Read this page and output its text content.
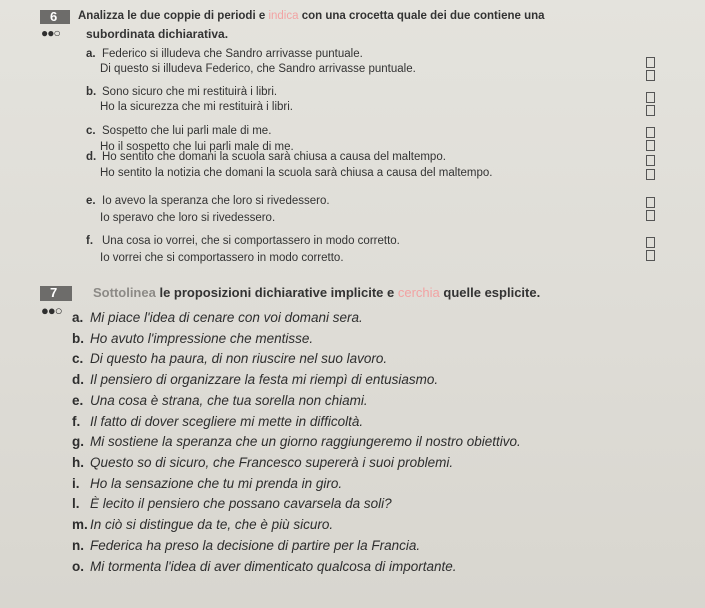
6
●●○
Analizza le due coppie di periodi e indica con una crocetta quale dei due contiene una
subordinata dichiarativa.
a. Federico si illudeva che Sandro arrivasse puntuale.
Di questo si illudeva Federico, che Sandro arrivasse puntuale.
b. Sono sicuro che mi restituirà i libri.
Ho la sicurezza che mi restituirà i libri.
c. Sospetto che lui parli male di me.
Ho il sospetto che lui parli male di me.
d. Ho sentito che domani la scuola sarà chiusa a causa del maltempo.
Ho sentito la notizia che domani la scuola sarà chiusa a causa del maltempo.
e. Io avevo la speranza che loro si rivedessero.
Io speravo che loro si rivedessero.
f. Una cosa io vorrei, che si comportassero in modo corretto.
Io vorrei che si comportassero in modo corretto.
7
●●○
Sottolinea le proposizioni dichiarative implicite e cerchia quelle esplicite.
a. Mi piace l'idea di cenare con voi domani sera.
b. Ho avuto l'impressione che mentisse.
c. Di questo ha paura, di non riuscire nel suo lavoro.
d. Il pensiero di organizzare la festa mi riempì di entusiasmo.
e. Una cosa è strana, che tua sorella non chiami.
f. Il fatto di dover scegliere mi mette in difficoltà.
g. Mi sostiene la speranza che un giorno raggiungeremo il nostro obiettivo.
h. Questo so di sicuro, che Francesco supererà i suoi problemi.
i. Ho la sensazione che tu mi prenda in giro.
l. È lecito il pensiero che possano cavarsela da soli?
m. In ciò si distingue da te, che è più sicuro.
n. Federica ha preso la decisione di partire per la Francia.
o. Mi tormenta l'idea di aver dimenticato qualcosa di importante.
